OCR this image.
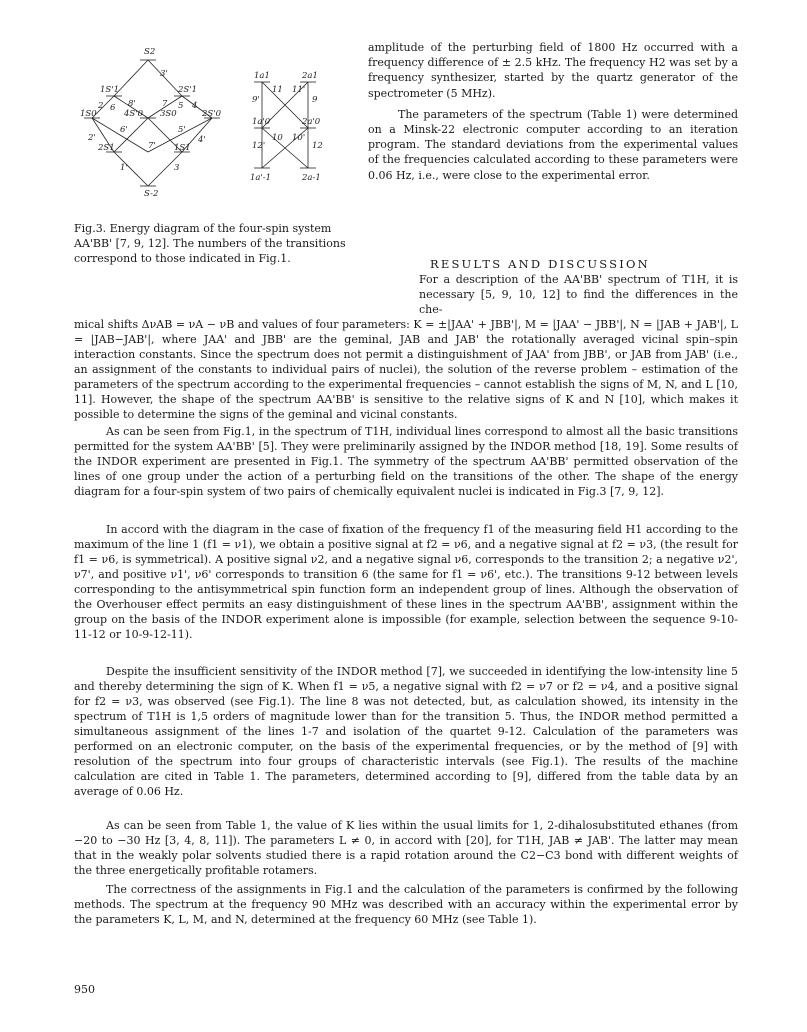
S2
3'
1S'1	2S'1
8'	7
2 6
4S'0 3S0	2S'0
5 4
1S0
2'
6'	5'
4'
2S1	7' 1S1
1'	3
S-2
1a1	2a1
11 11'
9'	9
1a'0	2a'0
10 10'
12'	12
1a'-1	2a-1
Fig.3. Energy diagram of the four-spin system AA'BB' [7, 9, 12]. The numbers of the transitions correspond to those indicated in Fig.1.

amplitude of the perturbing field of 1800 Hz occurred with a frequency difference of ± 2.5 kHz. The frequency H2 was set by a frequency synthesizer, started by the quartz generator of the spectrometer (5 MHz).

The parameters of the spectrum (Table 1) were determined on a Minsk-22 electronic computer according to an iteration program. The standard deviations from the experimental values of the frequencies calculated according to these parameters were 0.06 Hz, i.e., were close to the experimental error.

RESULTS AND DISCUSSION
For a description of the AA'BB' spectrum of T1H, it is necessary [5, 9, 10, 12] to find the differences in the che-
mical shifts ΔνAB = νA − νB and values of four parameters: K = ±|JAA' + JBB'|, M = |JAA' − JBB'|, N = |JAB + JAB'|, L = |JAB−JAB'|, where JAA' and JBB' are the geminal, JAB and JAB' the rotationally averaged vicinal spin–spin interaction constants. Since the spectrum does not permit a distinguishment of JAA' from JBB', or JAB from JAB' (i.e., an assignment of the constants to individual pairs of nuclei), the solution of the reverse problem – estimation of the parameters of the spectrum according to the experimental frequencies – cannot establish the signs of M, N, and L [10, 11]. However, the shape of the spectrum AA'BB' is sensitive to the relative signs of K and N [10], which makes it possible to determine the signs of the geminal and vicinal constants.

As can be seen from Fig.1, in the spectrum of T1H, individual lines correspond to almost all the basic transitions permitted for the system AA'BB' [5]. They were preliminarily assigned by the INDOR method [18, 19]. Some results of the INDOR experiment are presented in Fig.1. The symmetry of the spectrum AA'BB' permitted observation of the lines of one group under the action of a perturbing field on the transitions of the other. The shape of the energy diagram for a four-spin system of two pairs of chemically equivalent nuclei is indicated in Fig.3 [7, 9, 12].

In accord with the diagram in the case of fixation of the frequency f1 of the measuring field H1 according to the maximum of the line 1 (f1 = ν1), we obtain a positive signal at f2 = ν6, and a negative signal at f2 = ν3, (the result for f1 = ν6, is symmetrical). A positive signal ν2, and a negative signal ν6, corresponds to the transition 2; a negative ν2', ν7', and positive ν1', ν6' corresponds to transition 6 (the same for f1 = ν6', etc.). The transitions 9-12 between levels corresponding to the antisymmetrical spin function form an independent group of lines. Although the observation of the Overhouser effect permits an easy distinguishment of these lines in the spectrum AA'BB', assignment within the group on the basis of the INDOR experiment alone is impossible (for example, selection between the sequence 9-10-11-12 or 10-9-12-11).

Despite the insufficient sensitivity of the INDOR method [7], we succeeded in identifying the low-intensity line 5 and thereby determining the sign of K. When f1 = ν5, a negative signal with f2 = ν7 or f2 = ν4, and a positive signal for f2 = ν3, was observed (see Fig.1). The line 8 was not detected, but, as calculation showed, its intensity in the spectrum of T1H is 1,5 orders of magnitude lower than for the transition 5. Thus, the INDOR method permitted a simultaneous assignment of the lines 1-7 and isolation of the quartet 9-12. Calculation of the parameters was performed on an electronic computer, on the basis of the experimental frequencies, or by the method of [9] with resolution of the spectrum into four groups of characteristic intervals (see Fig.1). The results of the machine calculation are cited in Table 1. The parameters, determined according to [9], differed from the table data by an average of 0.06 Hz.

As can be seen from Table 1, the value of K lies within the usual limits for 1, 2-dihalosubstituted ethanes (from −20 to −30 Hz [3, 4, 8, 11]). The parameters L ≠ 0, in accord with [20], for T1H, JAB ≠ JAB'. The latter may mean that in the weakly polar solvents studied there is a rapid rotation around the C2−C3 bond with different weights of the three energetically profitable rotamers.

The correctness of the assignments in Fig.1 and the calculation of the parameters is confirmed by the following methods. The spectrum at the frequency 90 MHz was described with an accuracy within the experimental error by the parameters K, L, M, and N, determined at the frequency 60 MHz (see Table 1).

950
